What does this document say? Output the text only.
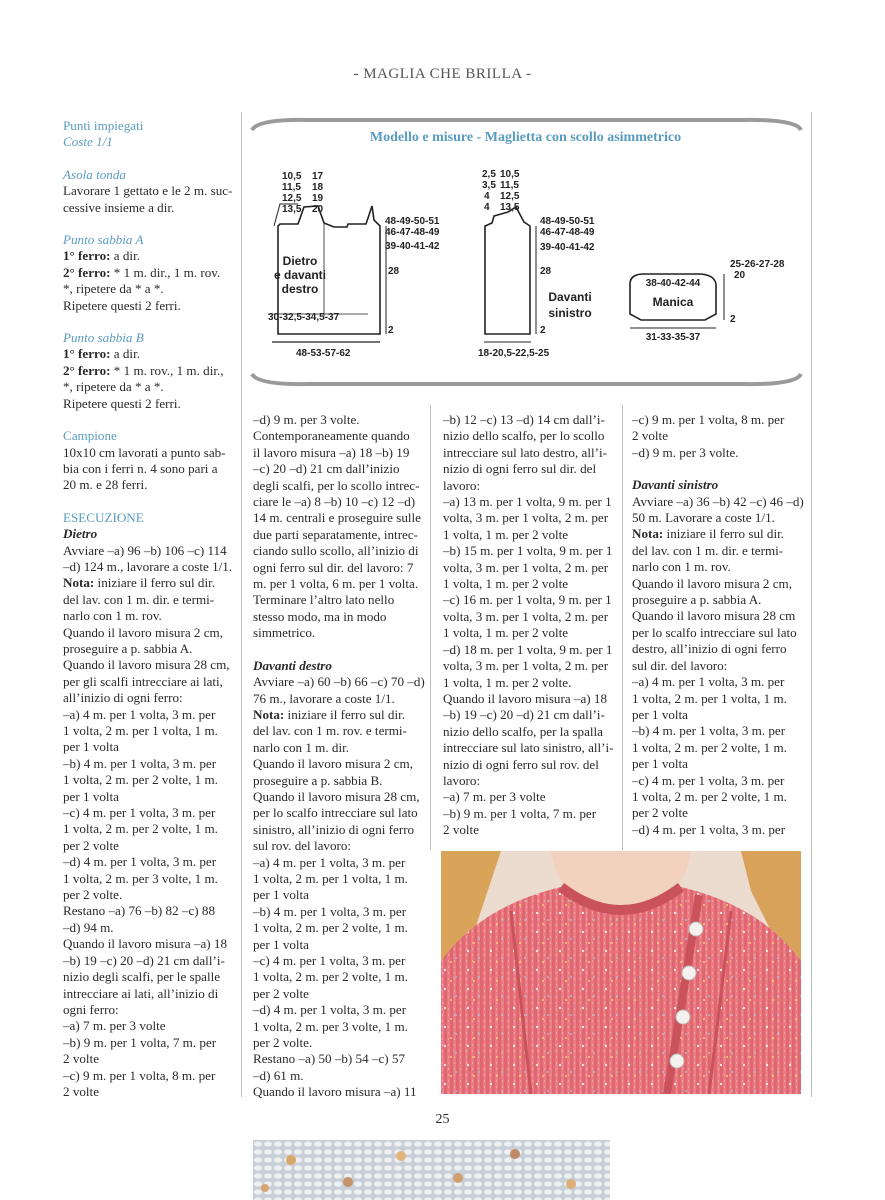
- MAGLIA CHE BRILLA -

Punti impiegati

Coste 1/1

Asola tonda

Lavorare 1 gettato e le 2 m. suc-

cessive insieme a dir.

Punto sabbia A

1° ferro: a dir.

2° ferro: * 1 m. dir., 1 m. rov.

*, ripetere da * a *.

Ripetere questi 2 ferri.

Punto sabbia B

1° ferro: a dir.

2° ferro: * 1 m. rov., 1 m. dir.,

*, ripetere da * a *.

Ripetere questi 2 ferri.

Campione

10x10 cm lavorati a punto sab-

bia con i ferri n. 4 sono pari a

20 m. e 28 ferri.

ESECUZIONE

Dietro

Avviare –a) 96 –b) 106 –c) 114

–d) 124 m., lavorare a coste 1/1.

Nota: iniziare il ferro sul dir.

del lav. con 1 m. dir. e termi-

narlo con 1 m. rov.

Quando il lavoro misura 2 cm,

proseguire a p. sabbia A.

Quando il lavoro misura 28 cm,

per gli scalfi intrecciare ai lati,

all’inizio di ogni ferro:

–a) 4 m. per 1 volta, 3 m. per

1 volta, 2 m. per 1 volta, 1 m.

per 1 volta

–b) 4 m. per 1 volta, 3 m. per

1 volta, 2 m. per 2 volte, 1 m.

per 1 volta

–c) 4 m. per 1 volta, 3 m. per

1 volta, 2 m. per 2 volte, 1 m.

per 2 volte

–d) 4 m. per 1 volta, 3 m. per

1 volta, 2 m. per 3 volte, 1 m.

per 2 volte.

Restano –a) 76 –b) 82 –c) 88

–d) 94 m.

Quando il lavoro misura –a) 18

–b) 19 –c) 20 –d) 21 cm dall’i-

nizio degli scalfi, per le spalle

intrecciare ai lati, all’inizio di

ogni ferro:

–a) 7 m. per 3 volte

–b) 9 m. per 1 volta, 7 m. per

2 volte

–c) 9 m. per 1 volta, 8 m. per

2 volte

10,5
11,5
12,5
13,5
17
18
19
20
48-49-50-51
46-47-48-49
39-40-41-42
28
2
Dietro
e davanti
destro
30-32,5-34,5-37
48-53-57-62
2,5
3,5
4
4
10,5
11,5
12,5
13,5
48-49-50-51
46-47-48-49
39-40-41-42
28
2
Davanti
sinistro
18-20,5-22,5-25
38-40-42-44
Manica
25-26-27-28
20
2
31-33-35-37
Modello e misure - Maglietta con scollo asimmetrico

–d) 9 m. per 3 volte.

Contemporaneamente quando

il lavoro misura –a) 18 –b) 19

–c) 20 –d) 21 cm dall’inizio

degli scalfi, per lo scollo intrec-

ciare le –a) 8 –b) 10 –c) 12 –d)

14 m. centrali e proseguire sulle

due parti separatamente, intrec-

ciando sullo scollo, all’inizio di

ogni ferro sul dir. del lavoro: 7

m. per 1 volta, 6 m. per 1 volta.

Terminare l’altro lato nello

stesso modo, ma in modo

simmetrico.

Davanti destro

Avviare –a) 60 –b) 66 –c) 70 –d)

76 m., lavorare a coste 1/1.

Nota: iniziare il ferro sul dir.

del lav. con 1 m. rov. e termi-

narlo con 1 m. dir.

Quando il lavoro misura 2 cm,

proseguire a p. sabbia B.

Quando il lavoro misura 28 cm,

per lo scalfo intrecciare sul lato

sinistro, all’inizio di ogni ferro

sul rov. del lavoro:

–a) 4 m. per 1 volta, 3 m. per

1 volta, 2 m. per 1 volta, 1 m.

per 1 volta

–b) 4 m. per 1 volta, 3 m. per

1 volta, 2 m. per 2 volte, 1 m.

per 1 volta

–c) 4 m. per 1 volta, 3 m. per

1 volta, 2 m. per 2 volte, 1 m.

per 2 volte

–d) 4 m. per 1 volta, 3 m. per

1 volta, 2 m. per 3 volte, 1 m.

per 2 volte.

Restano –a) 50 –b) 54 –c) 57

–d) 61 m.

Quando il lavoro misura –a) 11

–b) 12 –c) 13 –d) 14 cm dall’i-

nizio dello scalfo, per lo scollo

intrecciare sul lato destro, all’i-

nizio di ogni ferro sul dir. del

lavoro:

–a) 13 m. per 1 volta, 9 m. per 1

volta, 3 m. per 1 volta, 2 m. per

1 volta, 1 m. per 2 volte

–b) 15 m. per 1 volta, 9 m. per 1

volta, 3 m. per 1 volta, 2 m. per

1 volta, 1 m. per 2 volte

–c) 16 m. per 1 volta, 9 m. per 1

volta, 3 m. per 1 volta, 2 m. per

1 volta, 1 m. per 2 volte

–d) 18 m. per 1 volta, 9 m. per 1

volta, 3 m. per 1 volta, 2 m. per

1 volta, 1 m. per 2 volte.

Quando il lavoro misura –a) 18

–b) 19 –c) 20 –d) 21 cm dall’i-

nizio dello scalfo, per la spalla

intrecciare sul lato sinistro, all’i-

nizio di ogni ferro sul rov. del

lavoro:

–a) 7 m. per 3 volte

–b) 9 m. per 1 volta, 7 m. per

2 volte

–c) 9 m. per 1 volta, 8 m. per

2 volte

–d) 9 m. per 3 volte.

Davanti sinistro

Avviare –a) 36 –b) 42 –c) 46 –d)

50 m. Lavorare a coste 1/1.

Nota: iniziare il ferro sul dir.

del lav. con 1 m. dir. e termi-

narlo con 1 m. rov.

Quando il lavoro misura 2 cm,

proseguire a p. sabbia A.

Quando il lavoro misura 28 cm

per lo scalfo intrecciare sul lato

destro, all’inizio di ogni ferro

sul dir. del lavoro:

–a) 4 m. per 1 volta, 3 m. per

1 volta, 2 m. per 1 volta, 1 m.

per 1 volta

–b) 4 m. per 1 volta, 3 m. per

1 volta, 2 m. per 2 volte, 1 m.

per 1 volta

–c) 4 m. per 1 volta, 3 m. per

1 volta, 2 m. per 2 volte, 1 m.

per 2 volte

–d) 4 m. per 1 volta, 3 m. per

25
